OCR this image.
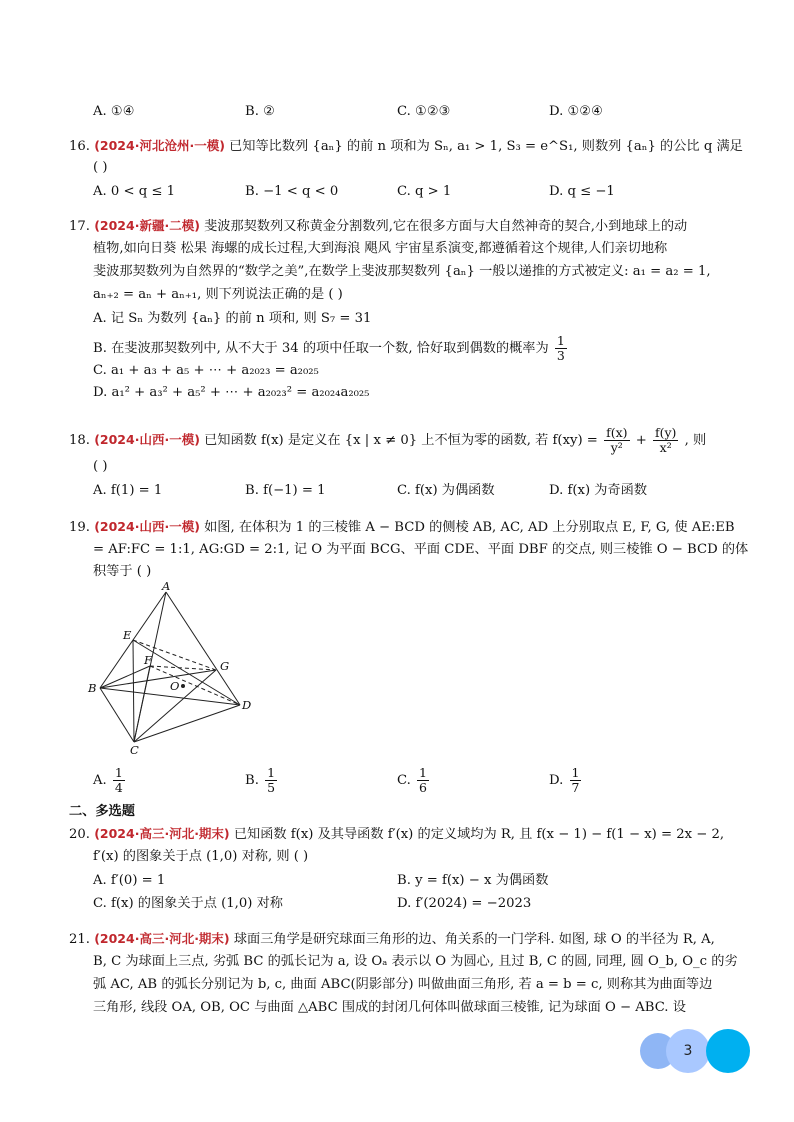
A. ①④	B. ②	C. ①②③	D. ①②④
16. (2024·河北沧州·一模) 已知等比数列 {aₙ} 的前 n 项和为 Sₙ, a₁ > 1, S₃ = e^S₁, 则数列 {aₙ} 的公比 q 满足
( )
A. 0 < q ≤ 1	B. −1 < q < 0	C. q > 1	D. q ≤ −1
17. (2024·新疆·二模) 斐波那契数列又称黄金分割数列,它在很多方面与大自然神奇的契合,小到地球上的动
植物,如向日葵 松果 海螺的成长过程,大到海浪 飓风 宇宙星系演变,都遵循着这个规律,人们亲切地称
斐波那契数列为自然界的“数学之美”,在数学上斐波那契数列 {aₙ} 一般以递推的方式被定义: a₁ = a₂ = 1,
aₙ₊₂ = aₙ + aₙ₊₁, 则下列说法正确的是 ( )
A. 记 Sₙ 为数列 {aₙ} 的前 n 项和, 则 S₇ = 31
B. 在斐波那契数列中, 从不大于 34 的项中任取一个数, 恰好取到偶数的概率为 $\frac{1}{3}$
C. a₁ + a₃ + a₅ + ⋯ + a₂₀₂₃ = a₂₀₂₅
D. a₁² + a₃² + a₅² + ⋯ + a₂₀₂₃² = a₂₀₂₄a₂₀₂₅
18. (2024·山西·一模) 已知函数 f(x) 是定义在 {x | x ≠ 0} 上不恒为零的函数, 若 $f(xy) = \frac{f(x)}{\text{y²}} + \frac{f(y)}{\text{x²}}$ , 则
( )
A. f(1) = 1	B. f(−1) = 1	C. f(x) 为偶函数	D. f(x) 为奇函数
19. (2024·山西·一模) 如图, 在体积为 1 的三棱锥 A − BCD 的侧棱 AB, AC, AD 上分别取点 E, F, G, 使 AE:EB
= AF:FC = 1:1, AG:GD = 2:1, 记 O 为平面 BCG、平面 CDE、平面 DBF 的交点, 则三棱锥 O − BCD 的体
积等于 ( )
A
B
C
D
E
F	G
O
A. $\frac{1}{4}$	B. $\frac{1}{5}$	C. $\frac{1}{6}$	D. $\frac{1}{7}$
二、多选题
20. (2024·高三·河北·期末) 已知函数 f(x) 及其导函数 f′(x) 的定义域均为 R, 且 f(x − 1) − f(1 − x) = 2x − 2,
f′(x) 的图象关于点 (1,0) 对称, 则 ( )
A. f′(0) = 1	B. y = f(x) − x 为偶函数
C. f(x) 的图象关于点 (1,0) 对称	D. f′(2024) = −2023
21. (2024·高三·河北·期末) 球面三角学是研究球面三角形的边、角关系的一门学科. 如图, 球 O 的半径为 R, A,
B, C 为球面上三点, 劣弧 BC 的弧长记为 a, 设 Oₐ 表示以 O 为圆心, 且过 B, C 的圆, 同理, 圆 O_b, O_c 的劣
弧 AC, AB 的弧长分别记为 b, c, 曲面 ABC(阴影部分) 叫做曲面三角形, 若 a = b = c, 则称其为曲面等边
三角形, 线段 OA, OB, OC 与曲面 △ABC 围成的封闭几何体叫做球面三棱锥, 记为球面 O − ABC. 设
3
